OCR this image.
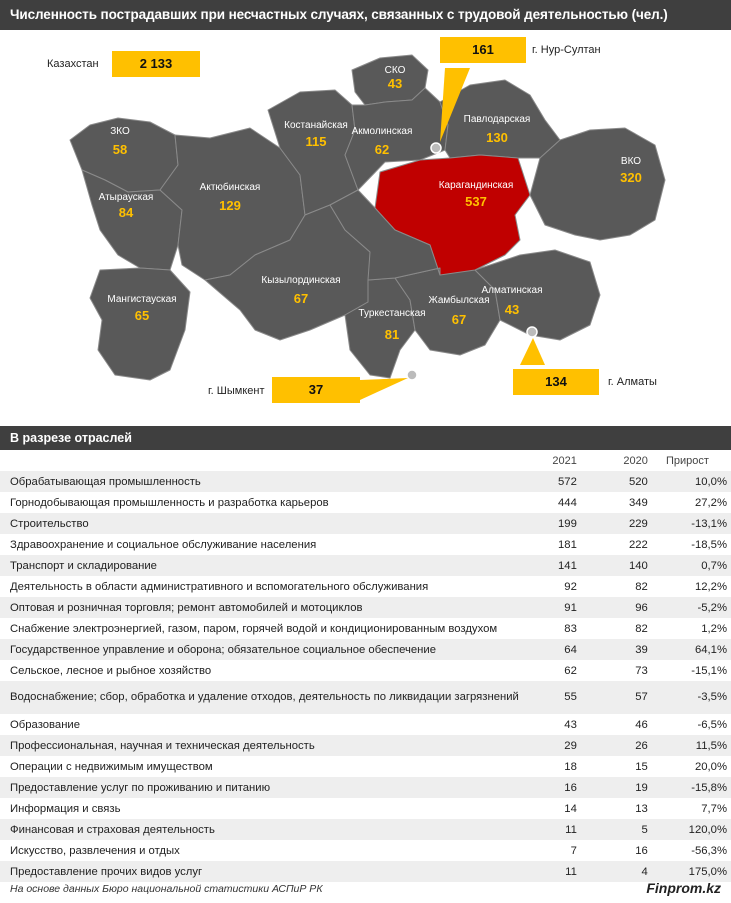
Численность пострадавших при несчастных случаях, связанных с трудовой деятельностью (чел.)
ЗКО
58
Атырауская
84
Актюбинская
129
Мангистауская
65
Костанайская
115
СКО
43
Акмолинская
62
Павлодарская
130
ВКО
320
Карагандинская
537
Кызылординская
67
Туркестанская
81
Жамбылская
67
Алматинская
43
Казахстан	2 133
161	г. Нур-Султан
г. Шымкент	37
134	г. Алматы
В разрезе отраслей
	2021	2020	Прирост
Обрабатывающая промышленность	572	520	10,0%
Горнодобывающая промышленность и разработка карьеров	444	349	27,2%
Строительство	199	229	-13,1%
Здравоохранение и социальное обслуживание населения	181	222	-18,5%
Транспорт и складирование	141	140	0,7%
Деятельность в области административного и вспомогательного обслуживания	92	82	12,2%
Оптовая и розничная торговля; ремонт автомобилей и мотоциклов	91	96	-5,2%
Снабжение электроэнергией, газом, паром, горячей водой и кондиционированным воздухом	83	82	1,2%
Государственное управление и оборона; обязательное социальное обеспечение	64	39	64,1%
Сельское, лесное и рыбное хозяйство	62	73	-15,1%
Водоснабжение; сбор, обработка и удаление отходов, деятельность по ликвидации загрязнений	55	57	-3,5%
Образование	43	46	-6,5%
Профессиональная, научная и техническая деятельность	29	26	11,5%
Операции с недвижимым имуществом	18	15	20,0%
Предоставление услуг по проживанию и питанию	16	19	-15,8%
Информация и связь	14	13	7,7%
Финансовая и страховая деятельность	11	5	120,0%
Искусство, развлечения и отдых	7	16	-56,3%
Предоставление прочих видов услуг	11	4	175,0%
На основе данных Бюро национальной статистики АСПиР РК	Finprom.kz
